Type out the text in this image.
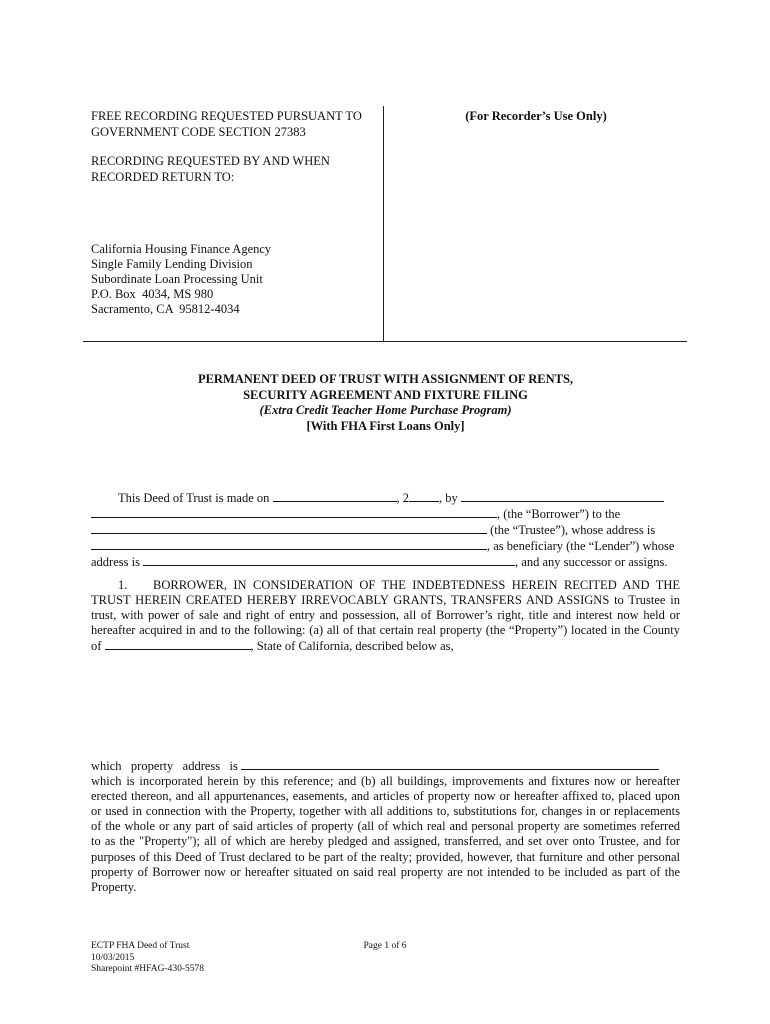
FREE RECORDING REQUESTED PURSUANT TO
GOVERNMENT CODE SECTION 27383
RECORDING REQUESTED BY AND WHEN
RECORDED RETURN TO:
(For Recorder’s Use Only)
California Housing Finance Agency
Single Family Lending Division
Subordinate Loan Processing Unit
P.O. Box  4034, MS 980
Sacramento, CA  95812-4034
PERMANENT DEED OF TRUST WITH ASSIGNMENT OF RENTS,
SECURITY AGREEMENT AND FIXTURE FILING
(Extra Credit Teacher Home Purchase Program)
[With FHA First Loans Only]
This Deed of Trust is made on	, 2 , by
, (the “Borrower”) to the
(the “Trustee”), whose address is
, as beneficiary (the “Lender”) whose
address is	, and any successor or assigns.
1. BORROWER, IN CONSIDERATION OF THE INDEBTEDNESS HEREIN RECITED AND THE
TRUST HEREIN CREATED HEREBY IRREVOCABLY GRANTS, TRANSFERS AND ASSIGNS to Trustee in
trust, with power of sale and right of entry and possession, all of Borrower’s right, title and interest now held or
hereafter acquired in and to the following: (a) all of that certain real property (the “Property”) located in the County
of	, State of California, described below as,
which   property   address   is
which is incorporated herein by this reference; and (b) all buildings, improvements and fixtures now or hereafter
erected thereon, and all appurtenances, easements, and articles of property now or hereafter affixed to, placed upon
or used in connection with the Property, together with all additions to, substitutions for, changes in or replacements
of the whole or any part of said articles of property (all of which real and personal property are sometimes referred
to as the "Property"); all of which are hereby pledged and assigned, transferred, and set over onto Trustee, and for
purposes of this Deed of Trust declared to be part of the realty; provided, however, that furniture and other personal
property of Borrower now or hereafter situated on said real property are not intended to be included as part of the
Property.
ECTP FHA Deed of Trust
10/03/2015
Sharepoint #HFAG-430-5578
Page 1 of 6
